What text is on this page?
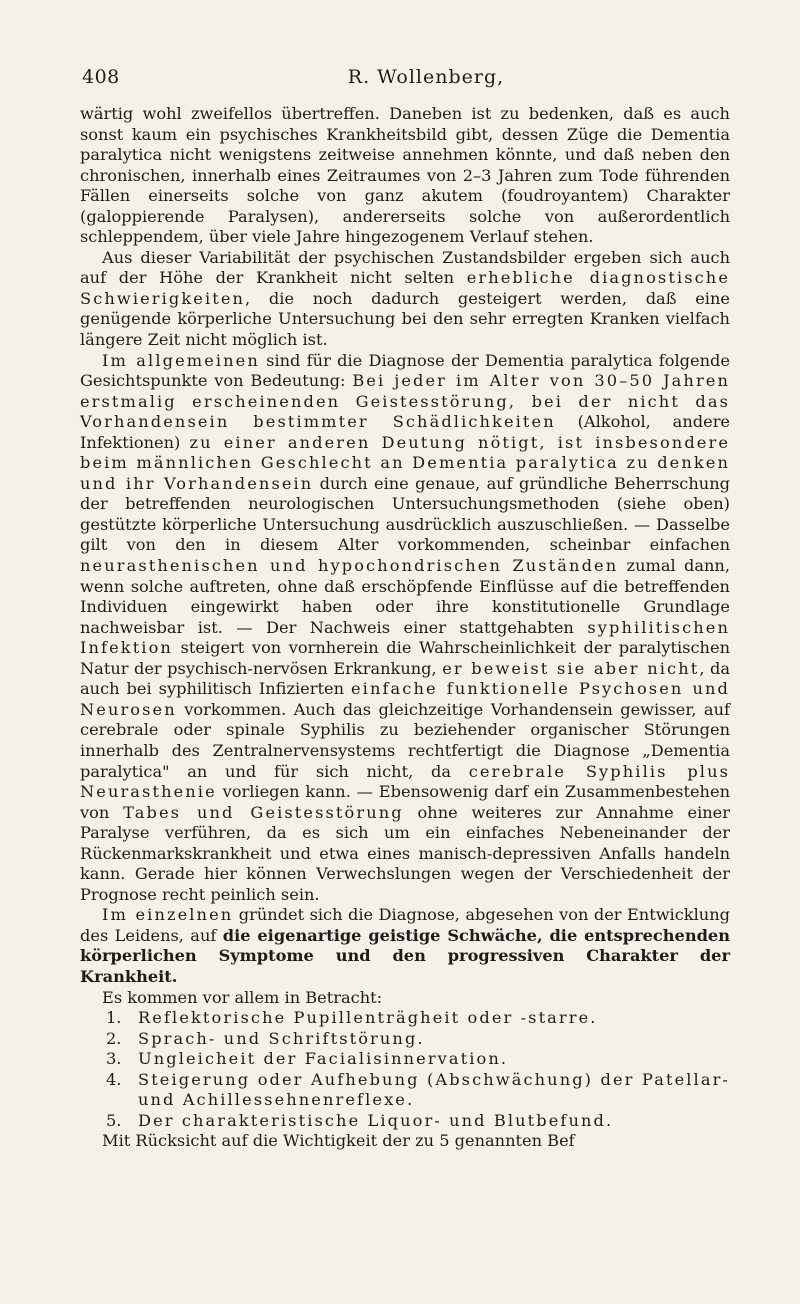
408	R. Wollenberg,

wärtig wohl zweifellos übertreffen. Daneben ist zu bedenken, daß es auch sonst kaum ein psychisches Krankheitsbild gibt, dessen Züge die Dementia paralytica nicht wenigstens zeitweise annehmen könnte, und daß neben den chronischen, innerhalb eines Zeitraumes von 2–3 Jahren zum Tode führenden Fällen einerseits solche von ganz akutem (foudroyantem) Charakter (galoppierende Paralysen), andererseits solche von außerordentlich schleppendem, über viele Jahre hingezogenem Verlauf stehen.

Aus dieser Variabilität der psychischen Zustandsbilder ergeben sich auch auf der Höhe der Krankheit nicht selten erhebliche diagnostische Schwierigkeiten, die noch dadurch gesteigert werden, daß eine genügende körperliche Untersuchung bei den sehr erregten Kranken vielfach längere Zeit nicht möglich ist.

Im allgemeinen sind für die Diagnose der Dementia paralytica folgende Gesichtspunkte von Bedeutung: Bei jeder im Alter von 30–50 Jahren erstmalig erscheinenden Geistesstörung, bei der nicht das Vorhandensein bestimmter Schädlichkeiten (Alkohol, andere Infektionen) zu einer anderen Deutung nötigt, ist insbesondere beim männlichen Geschlecht an Dementia paralytica zu denken und ihr Vorhandensein durch eine genaue, auf gründliche Beherrschung der betreffenden neurologischen Untersuchungsmethoden (siehe oben) gestützte körperliche Untersuchung ausdrücklich auszuschließen. — Dasselbe gilt von den in diesem Alter vorkommenden, scheinbar einfachen neurasthenischen und hypochondrischen Zuständen zumal dann, wenn solche auftreten, ohne daß erschöpfende Einflüsse auf die betreffenden Individuen eingewirkt haben oder ihre konstitutionelle Grundlage nachweisbar ist. — Der Nachweis einer stattgehabten syphilitischen Infektion steigert von vornherein die Wahrscheinlichkeit der paralytischen Natur der psychisch-nervösen Erkrankung, er beweist sie aber nicht, da auch bei syphilitisch Infizierten einfache funktionelle Psychosen und Neurosen vorkommen. Auch das gleichzeitige Vorhandensein gewisser, auf cerebrale oder spinale Syphilis zu beziehender organischer Störungen innerhalb des Zentralnervensystems rechtfertigt die Diagnose „Dementia paralytica" an und für sich nicht, da cerebrale Syphilis plus Neurasthenie vorliegen kann. — Ebensowenig darf ein Zusammenbestehen von Tabes und Geistesstörung ohne weiteres zur Annahme einer Paralyse verführen, da es sich um ein einfaches Nebeneinander der Rückenmarkskrankheit und etwa eines manisch-depressiven Anfalls handeln kann. Gerade hier können Verwechslungen wegen der Verschiedenheit der Prognose recht peinlich sein.

Im einzelnen gründet sich die Diagnose, abgesehen von der Entwicklung des Leidens, auf die eigenartige geistige Schwäche, die entsprechenden körperlichen Symptome und den progressiven Charakter der Krankheit.

Es kommen vor allem in Betracht:

1. Reflektorische Pupillenträgheit oder -starre.
2. Sprach- und Schriftstörung.
3. Ungleicheit der Facialisinnervation.
4. Steigerung oder Aufhebung (Abschwächung) der Patellar- und Achillessehnenreflexe.
5. Der charakteristische Liquor- und Blutbefund.

Mit Rücksicht auf die Wichtigkeit der zu 5 genannten Bef
